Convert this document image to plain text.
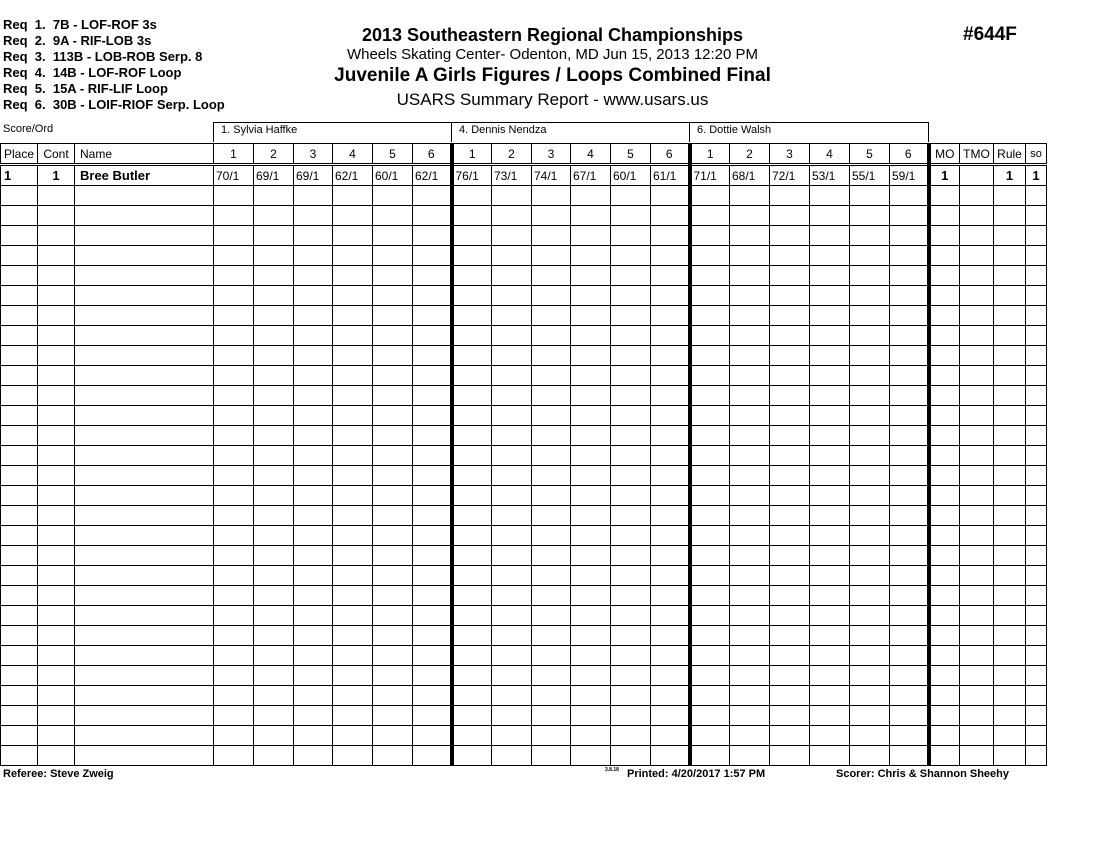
Req  1.  7B - LOF-ROF 3s
Req  2.  9A - RIF-LOB 3s
Req  3.  113B - LOB-ROB Serp. 8
Req  4.  14B - LOF-ROF Loop
Req  5.  15A - RIF-LIF Loop
Req  6.  30B - LOIF-RIOF Serp. Loop
2013 Southeastern Regional Championships
Wheels Skating Center- Odenton, MD Jun 15, 2013 12:20 PM
Juvenile A Girls Figures / Loops Combined Final
USARS Summary Report - www.usars.us
#644F
Score/Ord	1. Sylvia Haffke	4. Dennis Nendza	6. Dottie Walsh
Place	Cont	Name	1	2	3	4	5	6	1	2	3	4	5	6	1	2	3	4	5	6	MO	TMO	Rule	so
1	1	Bree Butler	70/1	69/1	69/1	62/1	60/1	62/1	76/1	73/1	74/1	67/1	60/1	61/1	71/1	68/1	72/1	53/1	55/1	59/1	1		1	1

Referee: Steve Zweig	3.8.18 Printed: 4/20/2017 1:57 PM	Scorer: Chris & Shannon Sheehy
